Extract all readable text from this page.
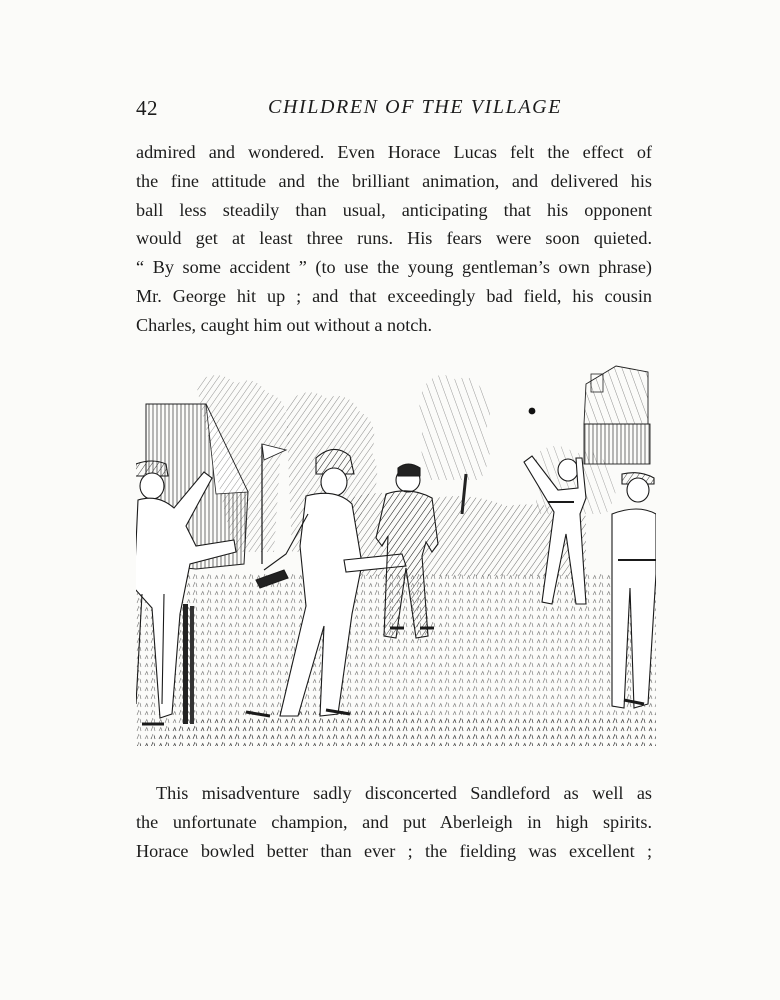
42	CHILDREN OF THE VILLAGE
admired and wondered. Even Horace Lucas felt the effect of
the fine attitude and the brilliant animation, and delivered his
ball less steadily than usual, anticipating that his opponent
would get at least three runs. His fears were soon quieted.
“ By some accident ” (to use the young gentleman’s own phrase)
Mr. George hit up ; and that exceedingly bad field, his cousin
Charles, caught him out without a notch.
This misadventure sadly disconcerted Sandleford as well as
the unfortunate champion, and put Aberleigh in high spirits.
Horace bowled better than ever ; the fielding was excellent ;
